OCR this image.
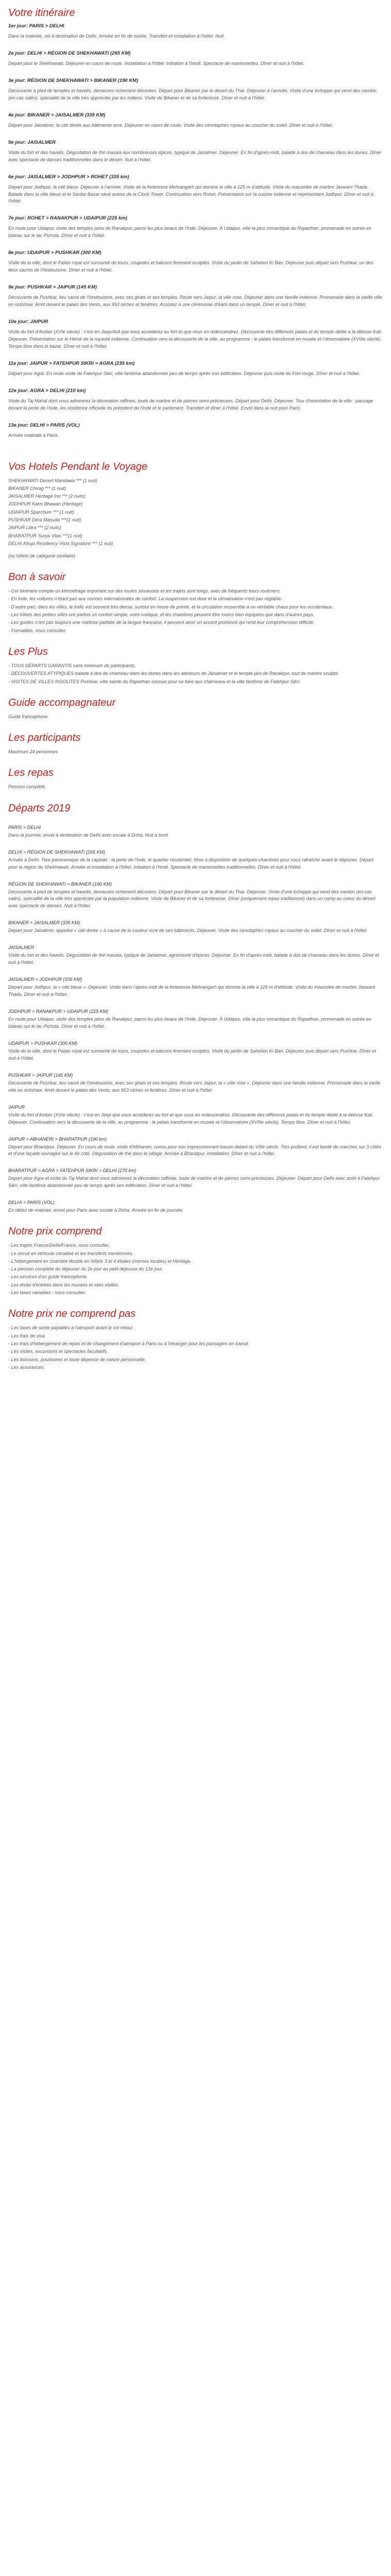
Votre itinéraire

1er jour: PARIS > DELHI

Dans la matinée, vol à destination de Delhi. Arrivée en fin de soirée. Transfert et installation à l'hôtel. Nuit.

2e jour: DELHI > RÉGION DE SHEKHAWATI (265 KM)

Départ pour le Shekhawati. Déjeuner en cours de route. Installation à l'hôtel. Initiation à l'hindi. Spectacle de marionnettes. Dîner et nuit à l'hôtel.

3e jour: RÉGION DE SHEKHAWATI > BIKANER (190 KM)

Découverte à pied de temples et havelis, demeures richement décorées. Départ pour Bikaner par le désert du Thar. Déjeuner à l'arrivée. Visite d'une échoppe qui vend des namkin (en-cas salés), spécialité de la ville très appréciée par les indiens. Visite de Bikaner et de sa forteresse. Dîner et nuit à l'hôtel.

4e jour: BIKANER > JAISALMER (335 KM)

Départ pour Jaisalmer, la cité dorée aux bâtiments ocre. Déjeuner en cours de route. Visite des cénotaphes royaux au coucher du soleil. Dîner et nuit à l'hôtel.

5e jour: JAISALMER

Visite du fort et des havelis. Dégustation de thé masala aux nombreuses épices, typique de Jaisalmer. Déjeuner. En fin d'après-midi, balade à dos de chameau dans les dunes. Dîner avec spectacle de danses traditionnelles dans le désert. Nuit à l'hôtel.

6e jour: JAISALMER > JODHPUR > ROHET (335 km)

Départ pour Jodhpur, la cité bleue. Déjeuner à l'arrivée. Visite de la forteresse Mehrangarh qui domine la ville à 125 m d'altitude. Visite du mausolée de marbre Jaswant Thada. Balade dans la ville bleue et le Sardar Bazar situé autour de la Clock Tower. Continuation vers Rohet. Présentation sur la cuisine indienne et représentant Jodhpur. Dîner et nuit à l'hôtel.

7e jour: ROHET > RANAKPUR > UDAIPUR (225 km)

En route pour Udaipur, visite des temples jaïns de Ranakpur, parmi les plus beaux de l'Inde. Déjeuner. À Udaipur, ville la plus romantique du Rajasthan, promenade en soirée en bateau sur le lac Pichola. Dîner et nuit à l'hôtel.

8e jour: UDAIPUR > PUSHKAR (300 KM)

Visite de la ville, dont le Palais royal est surmonté de tours, coupoles et balcons finement sculptés. Visite du jardin de Sahelion Ki Bari. Déjeuner puis départ vers Pushkar, un des lieux sacrés de l'hindouisme. Dîner et nuit à l'hôtel.

9e jour: PUSHKAR > JAIPUR (145 KM)

Découverte de Pushkar, lieu sacré de l'hindouisme, avec ses ghats et ses temples. Route vers Jaipur, la ville rose. Déjeuner dans une famille indienne. Promenade dans la vieille ville en rickshaw. Arrêt devant le palais des Vents, aux 953 niches et fenêtres. Assistez à une cérémonie d'Aarti dans un temple. Dîner et nuit à l'hôtel.

10e jour: JAIPUR

Visite du fort d'Amber (XVIe siècle) : c'est en Jeep/4x4 que vous accéderez au fort et que vous en redescendrez. Découverte des différents palais et du temple dédié à la déesse Kali. Déjeuner. Présentation sur le Hémé de la royauté indienne. Continuation vers la découverte de la ville, au programme : le palais transformé en musée et l'observatoire (XVIIIe siècle). Temps libre dans le bazar. Dîner et nuit à l'hôtel.

11e jour: JAIPUR > FATEHPUR SIKRI > AGRA (235 km)

Départ pour Agra. En route visite de Fatehpur Sikri, ville fantôme abandonnée peu de temps après son édification. Déjeuner puis visite du Fort rouge. Dîner et nuit à l'hôtel.

12e jour: AGRA > DELHI (210 km)

Visite du Taj Mahal dont vous admirerez la décoration raffinée, toute de marbre et de pierres semi-précieuses. Départ pour Delhi. Déjeuner. Tour d'orientation de la ville : passage devant la porte de l'Inde, les résidence officielle du président de l'Inde et le parlement. Transfert et dîner à l'hôtel. Envol dans la nuit pour Paris.

13e jour: DELHI > PARIS (VOL)

Arrivée matinale à Paris.

Vos Hotels Pendant le Voyage

SHEKHAWATI Desert Mandawa *** (1 nuit)

BIKANER Chirag *** (1 nuit)

JAISALMER Heritage Inn *** (2 nuits)

JODHPUR Karni Bhawan (Heritage)

UDAIPUR Sparchum *** (1 nuit)

PUSHKAR Dera Masuda ***(1 nuit)

JAIPUR Libra *** (2 nuits)

BHARATPUR Surya Vilas ***(1 nuit)

DELHI Ahuja Residency Vista Signature *** (1 nuit)

(ou hôtels de catégorie similaire)

Bon à savoir

- Cet itinéraire compte un kilométrage important sur des routes sinueuses et les trajets sont longs, avec de fréquents tours routiniers.

- En Inde, les voitures n'étant pas aux normes internationales de confort. La suspension est dure et la climatisation n'est pas réglable.

- D'autre part, dans les villes, le trafic est souvent très dense, surtout en heure de pointe, et la circulation ressemble à un véritable chaos pour les occidentaux.

- Les hôtels des petites villes ont parfois un confort simple, voire rustique, et les chambres peuvent être moins bien équipées que dans d'autres pays.

- Les guides n'ont pas toujours une maîtrise parfaite de la langue française, il peuvent avoir un accent prononcé qui rend leur compréhension difficile.

- Formalités, nous consulter.

Les Plus

- TOUS DÉPARTS GARANTIS sans minimum de participants.

- DÉCOUVERTES ATYPIQUES balade à dos de chameau dans les dunes dans les alentours de Jaisalmer et le temple jaïn de Ranakpur, tout de marbre sculpté.

- VISITES DE VILLES INSOLITES Pushkar, ville sainte du Rajasthan connue pour sa foire aux chameaux et la ville fantôme de Fatehpur Sikri.

Guide accompagnateur

Guide francophone

Les participants

Maximum 24 personnes

Les repas

Pension complète.

Départs 2019

PARIS > DELHI

Dans la journée, envol à destination de Delhi avec escale à Doha. Nuit à bord.

DELHI > RÉGION DE SHEKHAWATI (265 KM)

Arrivée à Delhi. Tour panoramique de la capitale : la porte de l'Inde, le quartier résidentiel. Mise à disposition de quelques chambres pour vous rafraîchir avant le déjeuner. Départ pour la région du Shekhawati. Arrivée et installation à l'hôtel. Initiation à l'hindi. Spectacle de marionnettes traditionnelles. Dîner et nuit à l'hôtel.

RÉGION DE SHEKHAWATI > BIKANER (190 KM)

Découverte à pied de temples et havelis, demeures richement décorées. Départ pour Bikaner par le désert du Thar. Déjeuner. Visite d'une échoppe qui vend des namkin (en-cas salés), spécialité de la ville très appréciée par la population indienne. Visite de Bikaner et de sa forteresse. Dîner (uniquement repas traditionnel) dans un camp au coeur du désert avec spectacle de danses. Nuit à l'hôtel.

BIKANER > JAISALMER (335 KM)

Départ pour Jaisalmer, appelée « cité dorée » à cause de la couleur ocre de ses bâtiments. Déjeuner. Visite des cénotaphes royaux au coucher du soleil. Dîner et nuit à l'hôtel.

JAISALMER

Visite du fort et des havelis. Dégustation de thé masala, typique de Jaisalmer, agrémenté d'épices. Déjeuner. En fin d'après-midi, balade à dos de chameau dans les dunes. Dîner et nuit à l'hôtel.

JAISALMER > JODHPUR (335 KM)

Départ pour Jodhpur, la « cité bleue ». Déjeuner. Visite dans l'après-midi de la forteresse Mehrangarh qui domine la ville à 125 m d'altitude. Visite du mausolée de marbre Jaswant Thada. Dîner et nuit à l'hôtel.

JODHPUR > RANAKPUR > UDAIPUR (225 KM)

En route pour Udaipur, visite des temples jaïns de Ranakpur, parmi les plus beaux de l'Inde. Déjeuner. À Udaipur, ville la plus romantique du Rajasthan, promenade en soirée en bateau sur le lac Pichola. Dîner et nuit à l'hôtel.

UDAIPUR > PUSHKAR (300 KM)

Visite de la ville, dont le Palais royal est surmonté de tours, coupoles et balcons finement sculptés. Visite du jardin de Sahelion Ki Bari. Déjeuner puis départ vers Pushkar. Dîner et nuit à l'hôtel.

PUSHKAR > JAIPUR (145 KM)

Découverte de Pushkar, lieu sacré de l'hindouisme, avec ses ghats et ses temples. Route vers Jaipur, la « ville rose ». Déjeuner dans une famille indienne. Promenade dans la vieille ville en rickshaw. Arrêt devant le palais des Vents, aux 953 niches et fenêtres. Dîner et nuit à l'hôtel.

JAIPUR

Visite du fort d'Amber (XVIe siècle) : c'est en Jeep que vous accéderez au fort et que vous en redescendrez. Découverte des différents palais et du temple dédié à la déesse Kali. Déjeuner. Continuation vers la découverte de la ville, au programme : le palais transformé en musée et l'observatoire (XVIIIe siècle). Temps libre. Dîner et nuit à l'hôtel.

JAIPUR > ABHANERI > BHARATPUR (190 km)

Départ pour Bharatpur. Déjeuner. En cours de route, visite d'Abhaneri, connu pour son impressionnant bassin datant du VIIIe siècle. Très profond, il est bordé de marches sur 3 côtés et d'une façade ouvragée sur le 4e côté. Dégustation de thé dans le village. Arrivée à Bharatpur, installation. Dîner et nuit à l'hôtel.

BHARATPUR > AGRA > FATEHPUR SIKRI > DELHI (270 km)

Départ pour Agra et visite du Taj Mahal dont vous admirerez la décoration raffinée, toute de marbre et de pierres semi-précieuses. Déjeuner. Départ pour Delhi avec arrêt à Fatehpur Sikri, ville fantôme abandonnée peu de temps après son édification. Dîner et nuit à l'hôtel.

DELHI > PARIS (VOL)

En début de matinée, envol pour Paris avec escale à Doha. Arrivée en fin de journée.

Notre prix comprend

- Les trajets France/Delhi/France, nous consulter.

- Le circuit en véhicule climatisé et les transferts mentionnés.

- L'hébergement en chambre double en hôtels 3 et 4 étoiles (normes locales) et Héritage.

- La pension complète du déjeuner du 2e jour au petit déjeuner du 13e jour.

- Les services d'un guide francophone.

- Les droits d'entrées dans les musées et sites visités.

- Les taxes variables : nous consulter.

Notre prix ne comprend pas

- Les taxes de sortie payables à l'aéroport avant le vol retour.

- Les frais de visa.

- Les frais d'hébergement de repas et de changement d'aéroport à Paris ou à l'étranger pour les passagers en transit.

- Les visites, excursions et spectacles facultatifs.

- Les boissons, pourboires et toute dépense de nature personnelle.

- Les assurances.
